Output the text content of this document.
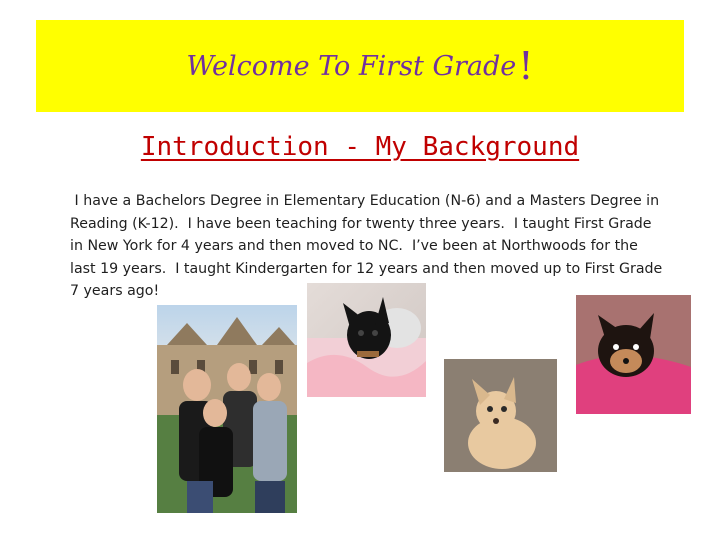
Welcome To First Grade !
Introduction - My Background
I have a Bachelors Degree in Elementary Education (N-6) and a Masters Degree in
Reading (K-12).  I have been teaching for twenty three years.  I taught First Grade
in New York for 4 years and then moved to NC.  I’ve been at Northwoods for the
last 19 years.  I taught Kindergarten for 12 years and then moved up to First Grade
7 years ago!
